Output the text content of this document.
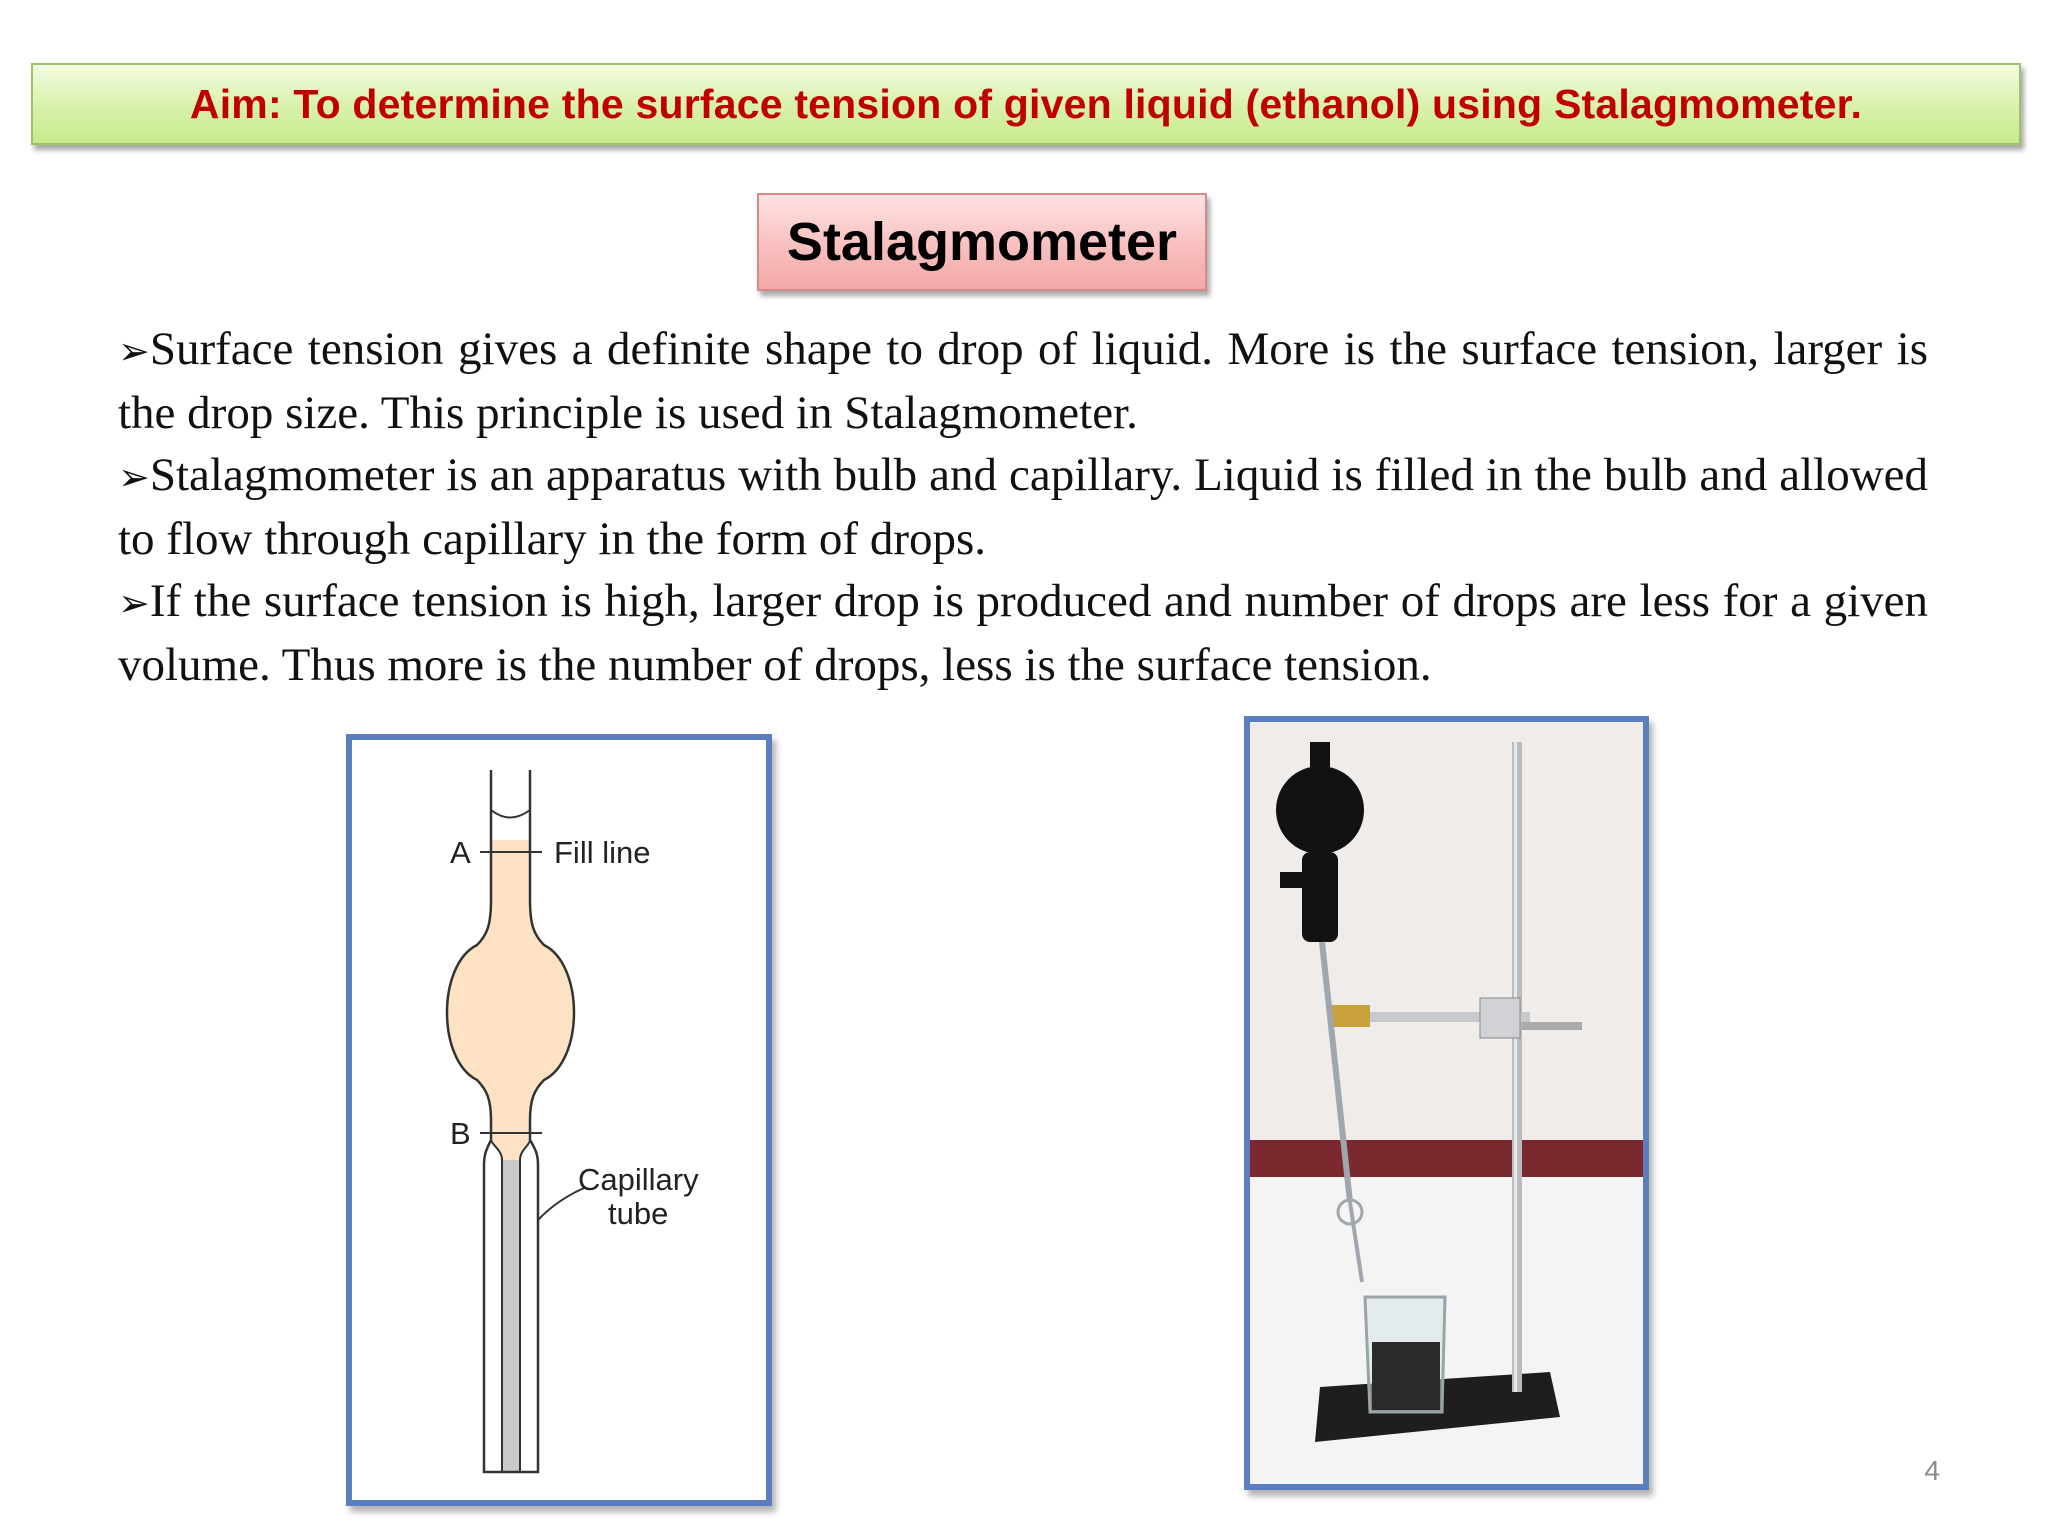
Aim: To determine the surface tension of given liquid (ethanol) using Stalagmometer.
Stalagmometer

➢Surface tension gives a definite shape to drop of liquid. More is the surface tension, larger is the drop size. This principle is used in Stalagmometer.

➢Stalagmometer is an apparatus with bulb and capillary. Liquid is filled in the bulb and allowed to flow through capillary in the form of drops.

➢If the surface tension is high, larger drop is produced and number of drops are less for a given volume. Thus more is the number of drops, less is the surface tension.

A	Fill line
B
Capillary
tube
4
